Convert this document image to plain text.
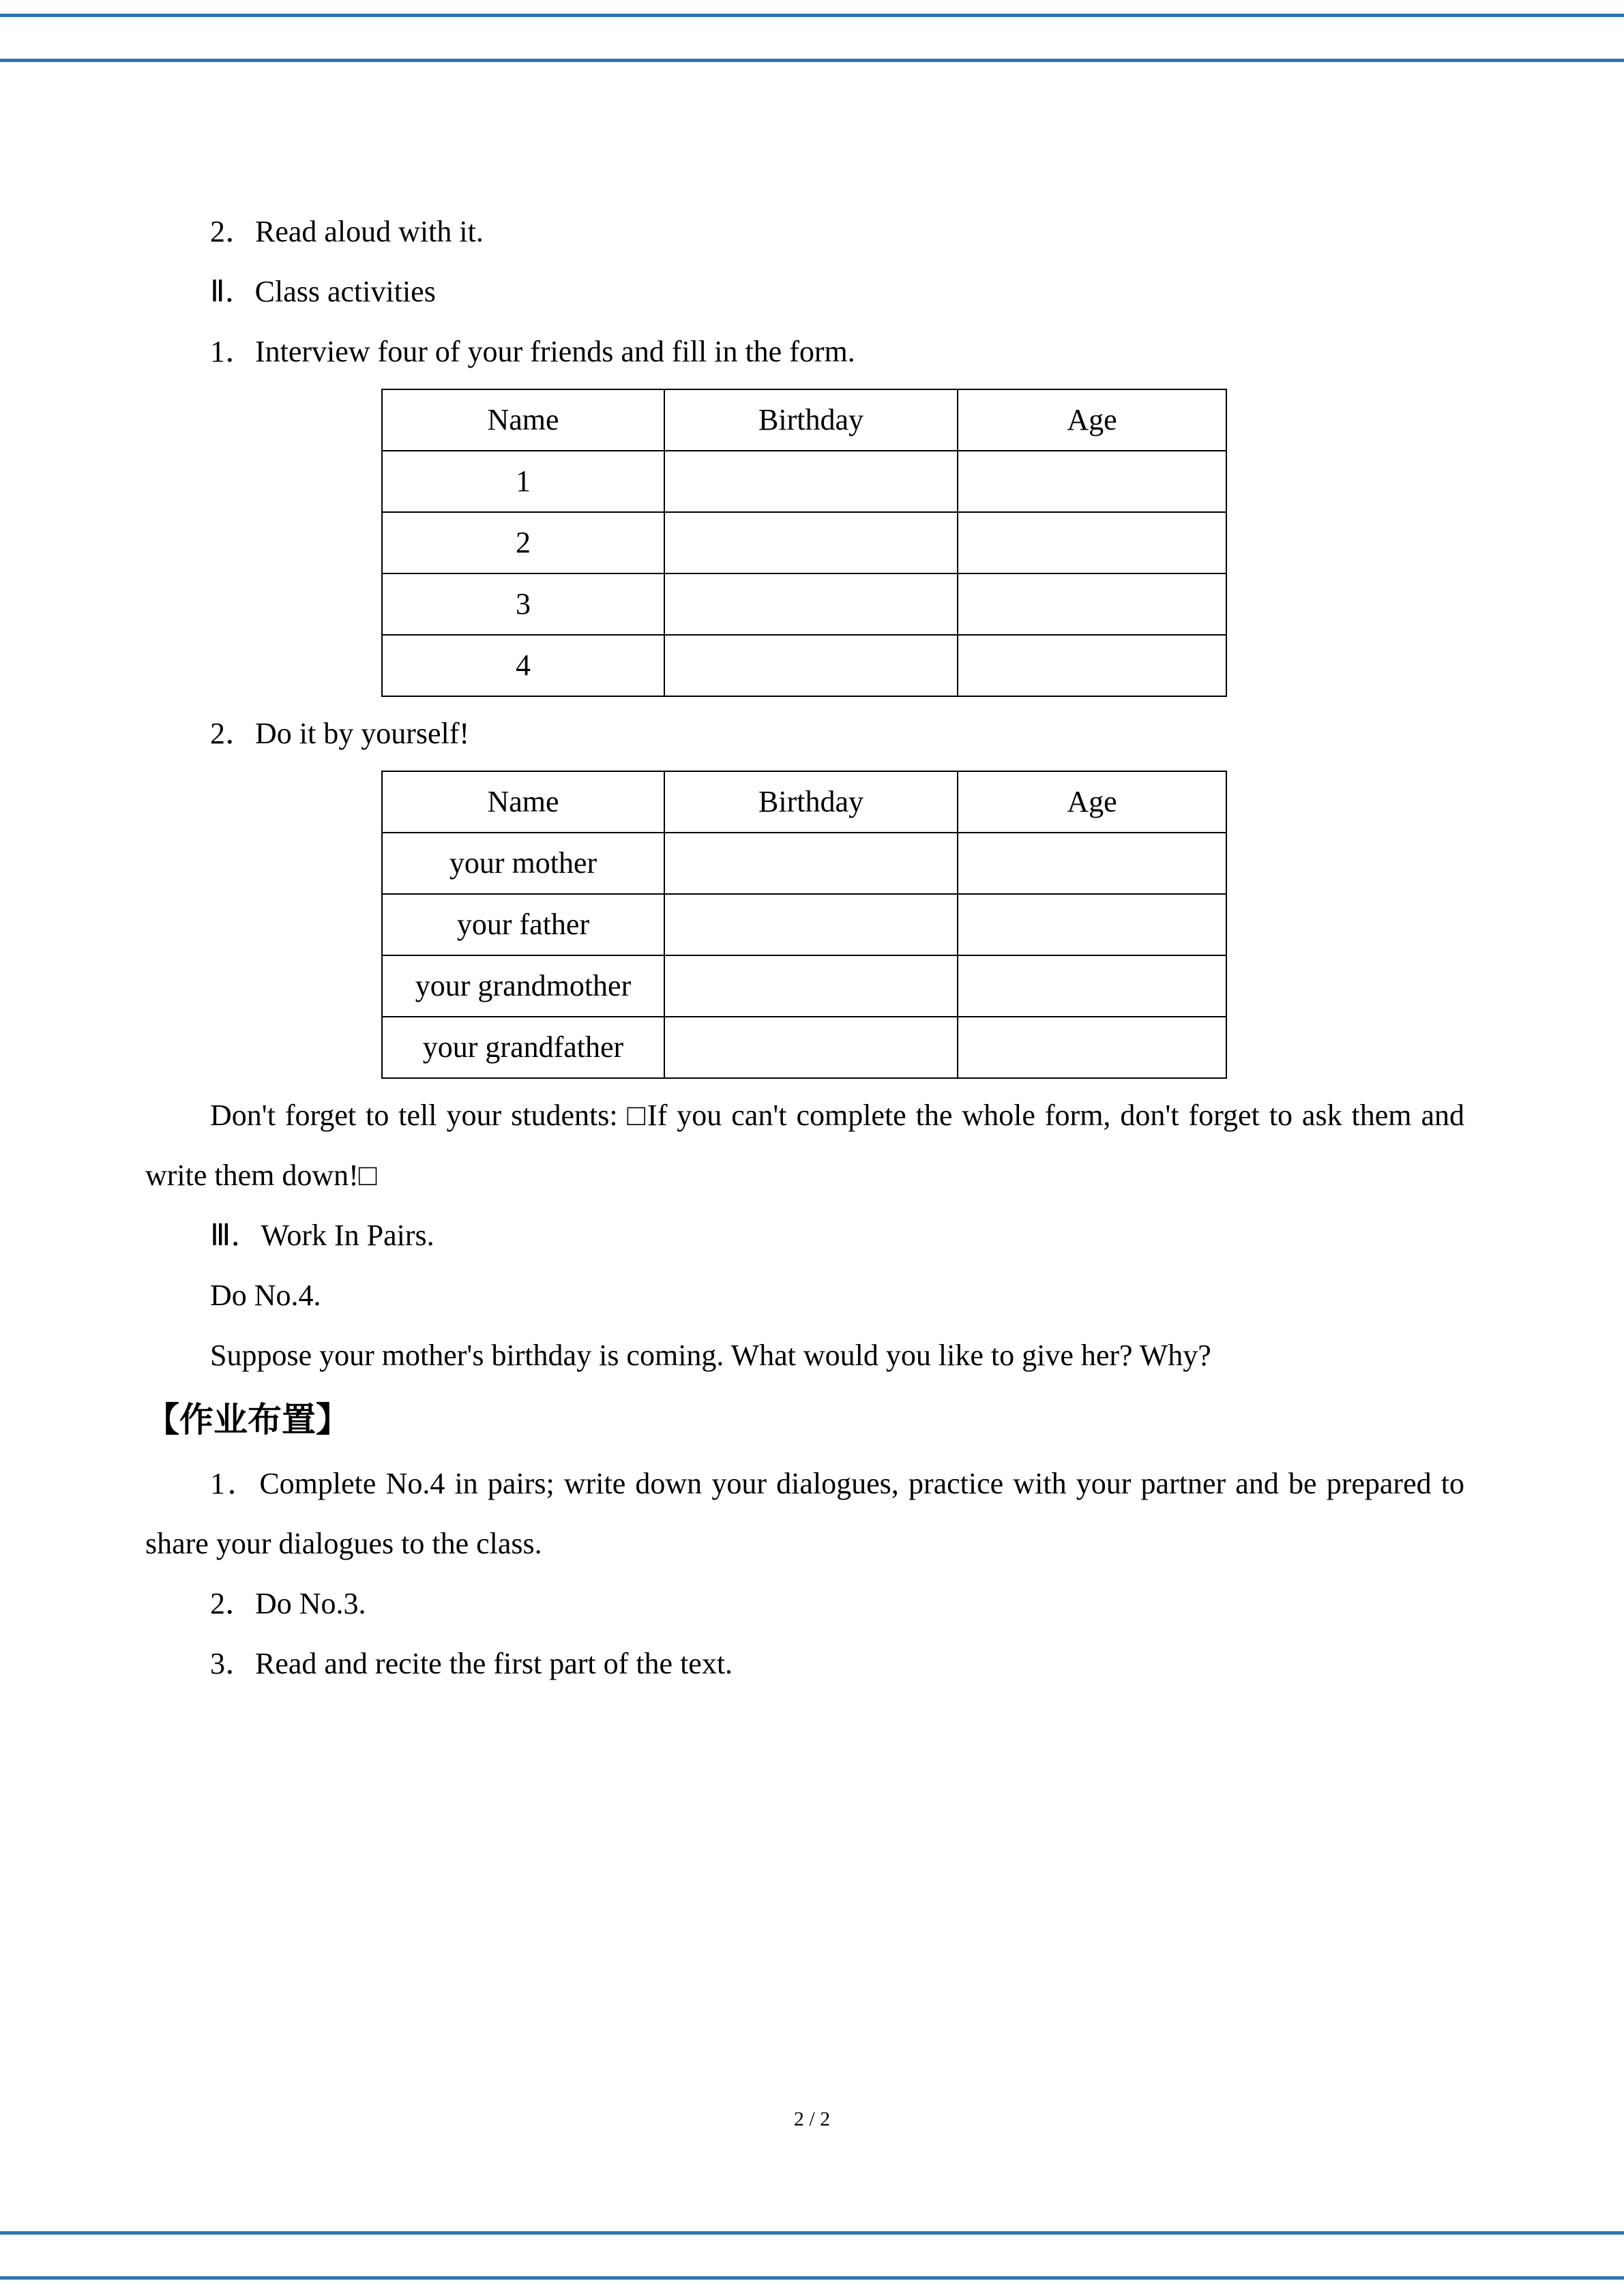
2．Read aloud with it.

Ⅱ．Class activities

1．Interview four of your friends and fill in the form.

Name	Birthday	Age
1		
2		
3		
4		

2．Do it by yourself!

Name	Birthday	Age
your mother		
your father		
your grandmother		
your grandfather		

Don't forget to tell your students: □If you can't complete the whole form, don't forget to ask them and write them down!□

Ⅲ．Work In Pairs.

Do No.4.

Suppose your mother's birthday is coming. What would you like to give her? Why?

【作业布置】

1．Complete No.4 in pairs; write down your dialogues, practice with your partner and be prepared to share your dialogues to the class.

2．Do No.3.

3．Read and recite the first part of the text.

2 / 2
